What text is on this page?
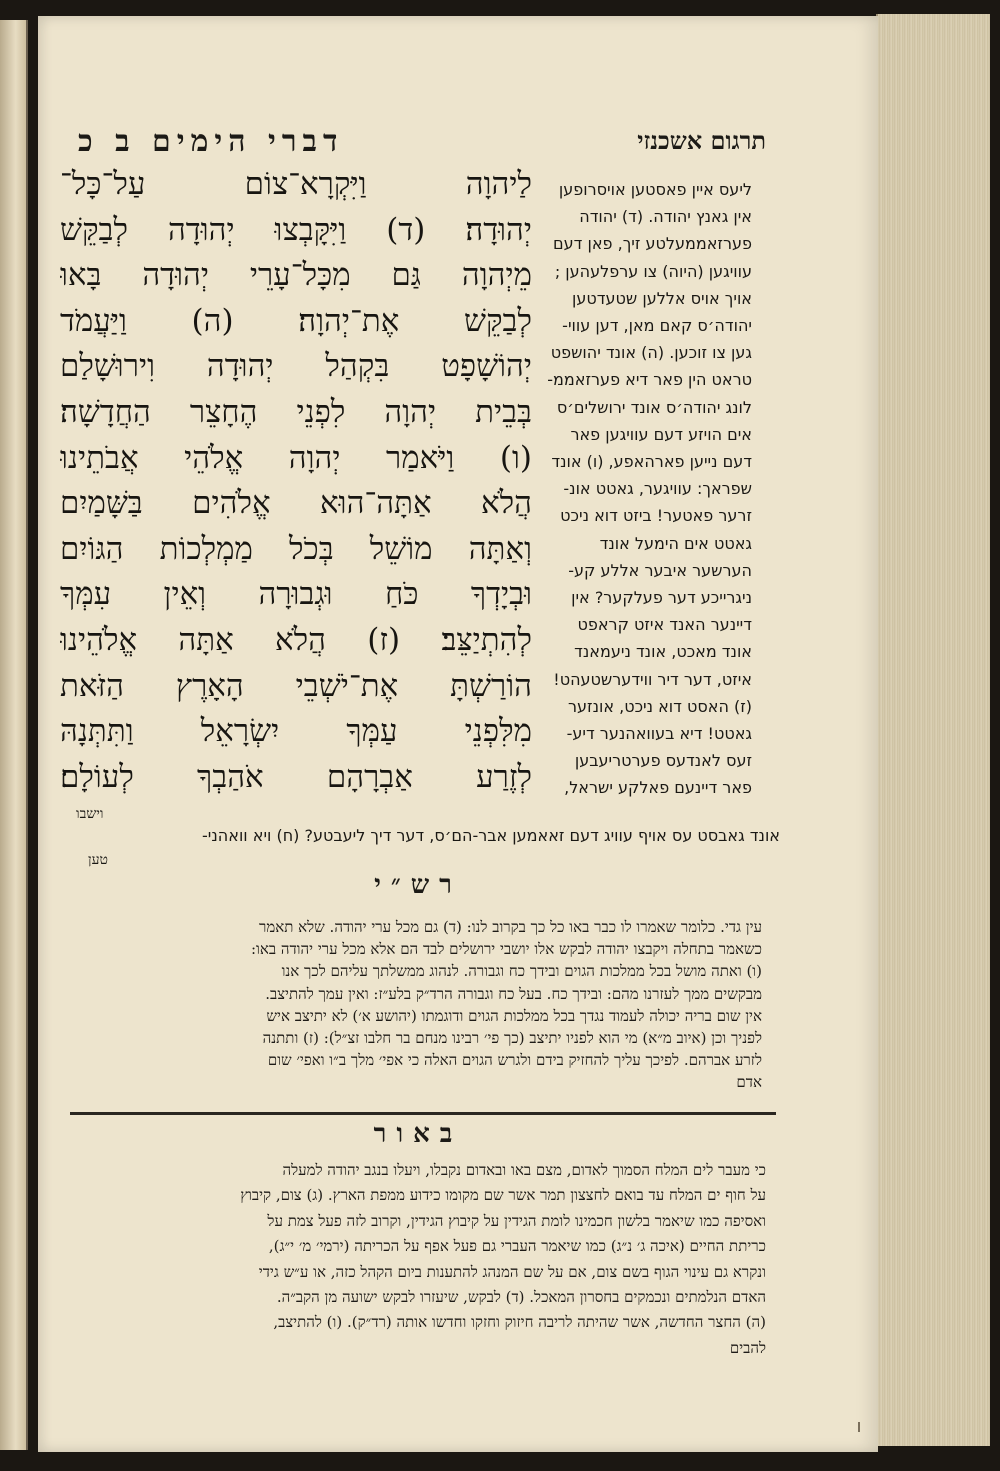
תרגום אשכנזי
דברי הימים ב כ
לַיהוָה וַיִּקְרָא־צוֹם עַל־כָּל־
יְהוּדָה׃ (ד) וַיִּקָּבְצוּ יְהוּדָה לְבַקֵּשׁ
מֵיְהוָה גַּם מִכָּל־עָרֵי יְהוּדָה בָּאוּ
לְבַקֵּשׁ אֶת־יְהוָה׃ (ה) וַיַּעֲמֹד
יְהוֹשָׁפָט בִּקְהַל יְהוּדָה וִירוּשָׁלַם
בְּבֵית יְהוָה לִפְנֵי הֶחָצֵר הַחֲדָשָׁה׃
(ו) וַיֹּאמַר יְהוָה אֱלֹהֵי אֲבֹתֵינוּ
הֲלֹא אַתָּה־הוּא אֱלֹהִים בַּשָּׁמַיִם
וְאַתָּה מוֹשֵׁל בְּכֹל מַמְלְכוֹת הַגּוֹיִם
וּבְיָדְךָ כֹּחַ וּגְבוּרָה וְאֵין עִמְּךָ
לְהִתְיַצֵּב׃ (ז) הֲלֹא אַתָּה אֱלֹהֵינוּ
הוֹרַשְׁתָּ אֶת־יֹשְׁבֵי הָאָרֶץ הַזֹּאת
מִלִּפְנֵי עַמְּךָ יִשְׂרָאֵל וַתִּתְּנָהּ
לְזֶרַע אַבְרָהָם אֹהַבְךָ לְעוֹלָם׃
ליעס איין פאסטען אויסרופען
אין גאנץ יהודה. (ד) יהודה
פערזאממעלטע זיך, פאן דעם
עוויגען (היוה) צו ערפלעהען ;
אויך אויס אללען שטעדטען
יהודה׳ס קאם מאן, דען עווי-
גען צו זוכען. (ה) אונד יהושפט
טראט הין פאר דיא פערזאממ-
לונג יהודה׳ס אונד ירושלים׳ס
אים הויזע דעם עוויגען פאר
דעם נייען פארהאפע, (ו) אונד
שפראך: עוויגער, גאטט אונ-
זרער פאטער! ביזט דוא ניכט
גאטט אים הימעל אונד
הערשער איבער אללע קע-
ניגרייכע דער פעלקער? אין
דיינער האנד איזט קראפט
אונד מאכט, אונד ניעמאנד
איזט, דער דיר ווידערשטעהט!
(ז) האסט דוא ניכט, אונזער
גאטט! דיא בעוואהנער דיע-
זעס לאנדעס פערטריעבען
פאר דיינעם פאלקע ישראל,
וישבו
אונד גאבסט עס אויף עוויג דעם זאאמען אבר-הם׳ס, דער דיך ליעבטע? (ח) ויא וואהני-
טען
רש״י
עין גדי. כלומר שאמרו לו כבר באו כל כך בקרוב לנו: (ד) גם מכל ערי יהודה. שלא תאמר
כשאמר בתחלה ויקבצו יהודה לבקש אלו יושבי ירושלים לבד הם אלא מכל ערי יהודה באו:
(ו) ואתה מושל בכל ממלכות הגוים ובידך כח וגבורה. לנהוג ממשלתך עליהם לכך אנו
מבקשים ממך לעזרנו מהם: ובידך כח. בעל כח וגבורה הרד״ק בלע״ז: ואין עמך להתיצב.
אין שום בריה יכולה לעמוד נגדך בכל ממלכות הגוים ודוגמתו (יהושע א׳) לא יתיצב איש
לפניך וכן (איוב מ״א) מי הוא לפניו יתיצב (כך פי׳ רבינו מנחם בר חלבו זצ״ל): (ז) ותתנה
לזרע אברהם. לפיכך עליך להחזיק בידם ולגרש הגוים האלה כי אפי׳ מלך ב״ו ואפי׳ שום
אדם
באור
כי מעבר לים המלח הסמוך לאדום, מצם באו ובאדום נקבלו, ויעלו בנגב יהודה למעלה
על חוף ים המלח עד בואם לחצצון תמר אשר שם מקומו כידוע ממפת הארץ. (ג) צום, קיבוץ
ואסיפה כמו שיאמר בלשון חכמינו לומת הגידין על קיבוץ הגידין, וקרוב לזה פעל צמת על
כריתת החיים (איכה ג׳ נ״ג) כמו שיאמר העברי גם פעל אפף על הכריתה (ירמי׳ מ׳ י״ג),
ונקרא גם עינוי הגוף בשם צום, אם על שם המנהג להתענות ביום הקהל כזה, או ע״ש גידי
האדם הנלמתים ונכמקים בחסרון המאכל. (ד) לבקש, שיעזרו לבקש ישועה מן הקב״ה.
(ה) החצר החדשה, אשר שהיתה לריבה חיזוק וחזקו וחדשו אותה (רד״ק). (ו) להתיצב,
להבים
